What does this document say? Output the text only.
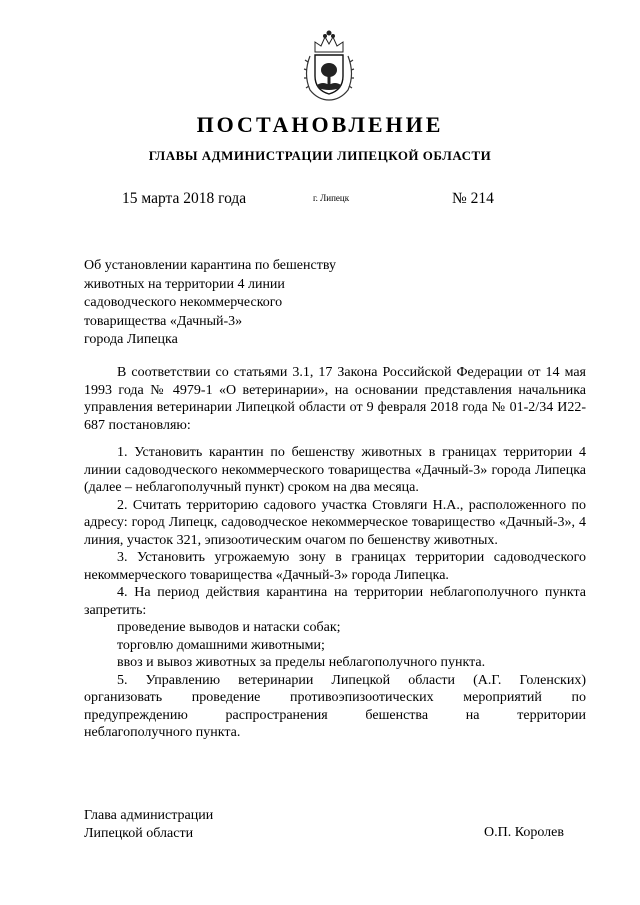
ПОСТАНОВЛЕНИЕ
ГЛАВЫ АДМИНИСТРАЦИИ ЛИПЕЦКОЙ ОБЛАСТИ
15 марта 2018 года	г. Липецк	№ 214
Об установлении карантина по бешенству
животных на территории 4 линии
садоводческого некоммерческого
товарищества «Дачный-3»
города Липецка
В соответствии со статьями 3.1, 17 Закона Российской Федерации от 14 мая 1993 года № 4979-1 «О ветеринарии», на основании представления начальника управления ветеринарии Липецкой области от 9 февраля 2018 года № 01-2/34 И22-687 постановляю:
1. Установить карантин по бешенству животных в границах территории 4 линии садоводческого некоммерческого товарищества «Дачный-3» города Липецка (далее – неблагополучный пункт) сроком на два месяца.
2. Считать территорию садового участка Стовляги Н.А., расположенного по адресу: город Липецк, садоводческое некоммерческое товарищество «Дачный-3», 4 линия, участок 321, эпизоотическим очагом по бешенству животных.
3. Установить угрожаемую зону в границах территории садоводческого некоммерческого товарищества «Дачный-3» города Липецка.
4. На период действия карантина на территории неблагополучного пункта запретить:
проведение выводов и натаски собак;
торговлю домашними животными;
ввоз и вывоз животных за пределы неблагополучного пункта.
5. Управлению ветеринарии Липецкой области (А.Г. Голенских)
организовать проведение противоэпизоотических мероприятий по
предупреждению распространения бешенства на территории
неблагополучного пункта.
Глава администрации
Липецкой области	О.П. Королев
